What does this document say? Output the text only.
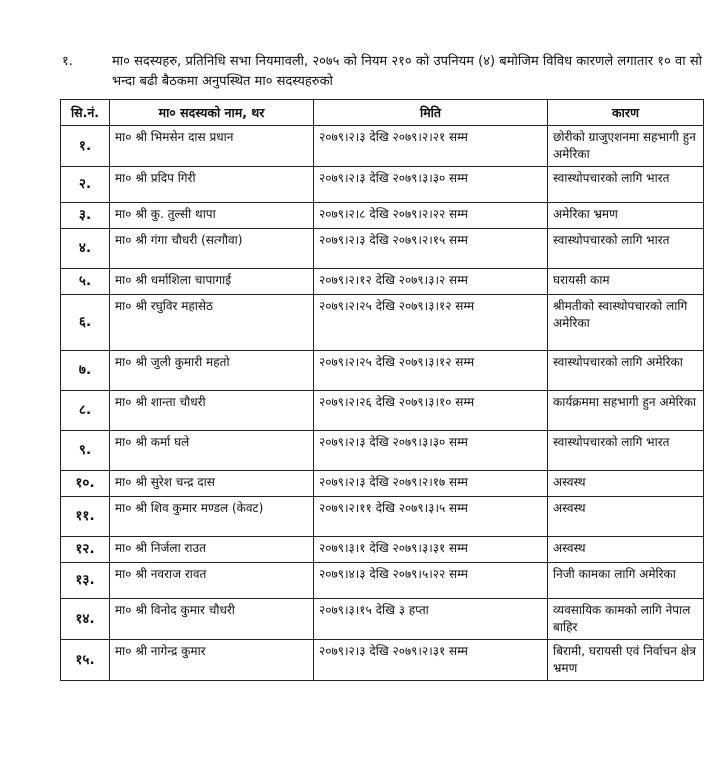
१.	मा० सदस्यहरु, प्रतिनिधि सभा नियमावली, २०७५ को नियम २१० को उपनियम (४) बमोजिम विविध कारणले लगातार १० वा सो भन्दा बढी बैठकमा अनुपस्थित मा० सदस्यहरुको
सि.नं.	मा० सदस्यको नाम, थर	मिति	कारण
१.	मा० श्री भिमसेन दास प्रधान	२०७९।२।३ देखि २०७९।२।२१ सम्म	छोरीको ग्राजुएशनमा सहभागी हुन अमेरिका
२.	मा० श्री प्रदिप गिरी	२०७९।२।३ देखि २०७९।३।३० सम्म	स्वास्थोपचारको लागि भारत
३.	मा० श्री कु. तुल्सी थापा	२०७९।२।८ देखि २०७९।२।२२ सम्म	अमेरिका भ्रमण
४.	मा० श्री गंगा चौधरी (सत्गौवा)	२०७९।२।३ देखि २०७९।२।१५ सम्म	स्वास्थोपचारको लागि भारत
५.	मा० श्री धर्माशिला चापागाई	२०७९।२।१२ देखि २०७९।३।२ सम्म	घरायसी काम
६.	मा० श्री रघुविर महासेठ	२०७९।२।२५ देखि २०७९।३।१२ सम्म	श्रीमतीको स्वास्थोपचारको लागि अमेरिका
७.	मा० श्री जुली कुमारी महतो	२०७९।२।२५ देखि २०७९।३।१२ सम्म	स्वास्थोपचारको लागि अमेरिका
८.	मा० श्री शान्ता चौधरी	२०७९।२।२६ देखि २०७९।३।१० सम्म	कार्यक्रममा सहभागी हुन अमेरिका
९.	मा० श्री कर्मा घले	२०७९।२।३ देखि २०७९।३।३० सम्म	स्वास्थोपचारको लागि भारत
१०.	मा० श्री सुरेश चन्द्र दास	२०७९।२।३ देखि २०७९।२।१७ सम्म	अस्वस्थ
११.	मा० श्री शिव कुमार मण्डल (केवट)	२०७९।२।११ देखि २०७९।३।५ सम्म	अस्वस्थ
१२.	मा० श्री निर्जला राउत	२०७९।३।१ देखि २०७९।३।३१ सम्म	अस्वस्थ
१३.	मा० श्री नवराज रावत	२०७९।४।३ देखि २०७९।५।२२ सम्म	निजी कामका लागि अमेरिका
१४.	मा० श्री विनोद कुमार चौधरी	२०७९।३।१५ देखि ३ हप्ता	व्यवसायिक कामको लागि नेपाल बाहिर
१५.	मा० श्री नागेन्द्र कुमार	२०७९।२।३ देखि २०७९।२।३१ सम्म	बिरामी, घरायसी एवं निर्वाचन क्षेत्र भ्रमण
